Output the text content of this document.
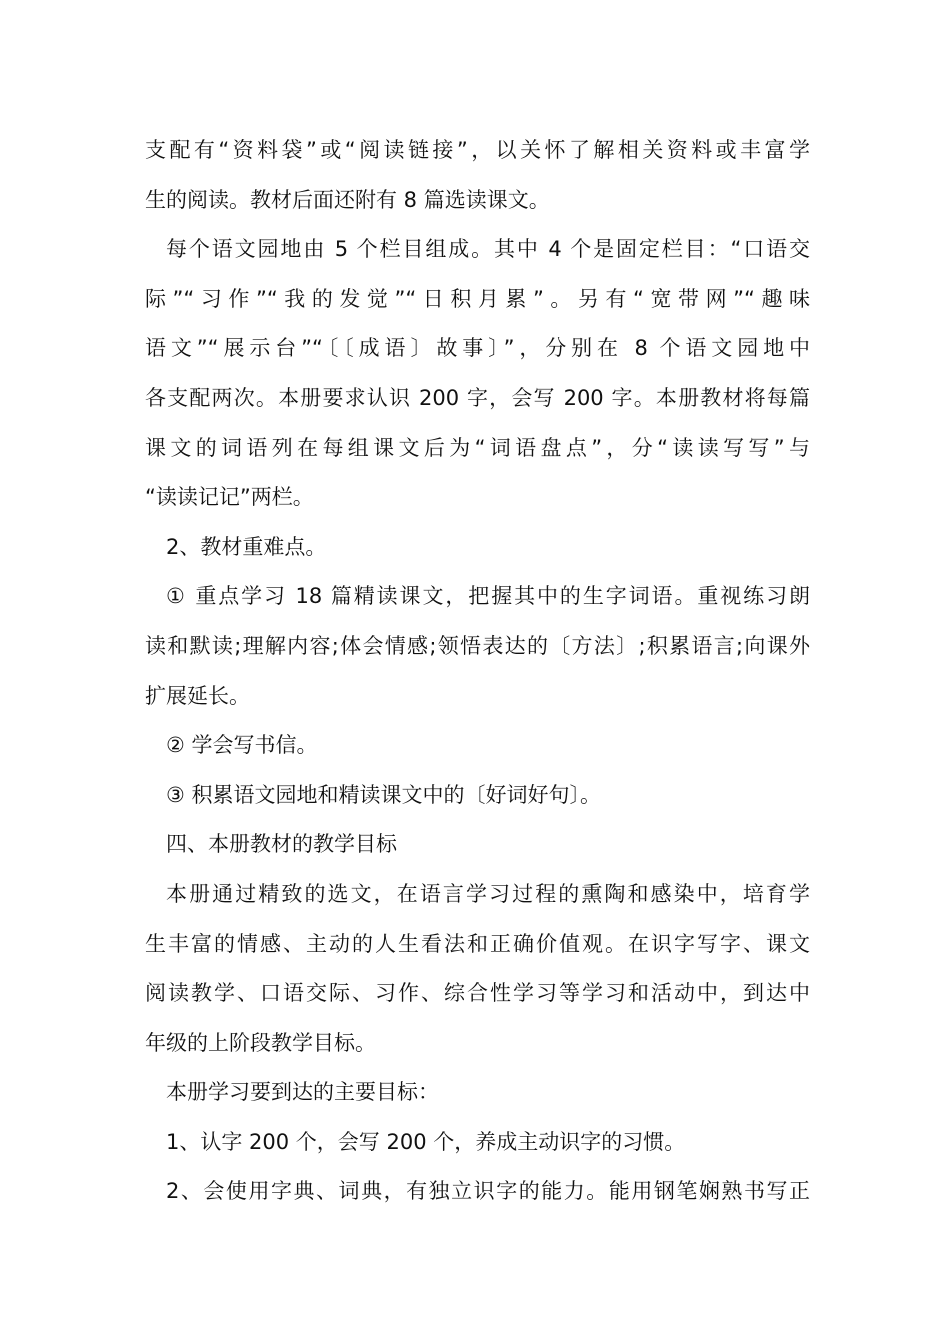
支配有“资料袋”或“阅读链接”，以关怀了解相关资料或丰富学
生的阅读。教材后面还附有 8 篇选读课文。
每个语文园地由 5 个栏目组成。其中 4 个是固定栏目：“口语交
际”“习作”“我的发觉”“日积月累”。另有“宽带网”“趣味
语文”“展示台”“〔〔成语〕故事〕”，分别在 8 个语文园地中
各支配两次。本册要求认识 200 字，会写 200 字。本册教材将每篇
课文的词语列在每组课文后为“词语盘点”，分“读读写写”与
“读读记记”两栏。
2、教材重难点。
① 重点学习 18 篇精读课文，把握其中的生字词语。重视练习朗
读和默读;理解内容;体会情感;领悟表达的〔方法〕;积累语言;向课外
扩展延长。
② 学会写书信。
③ 积累语文园地和精读课文中的〔好词好句〕。
四、本册教材的教学目标
本册通过精致的选文，在语言学习过程的熏陶和感染中，培育学
生丰富的情感、主动的人生看法和正确价值观。在识字写字、课文
阅读教学、口语交际、习作、综合性学习等学习和活动中，到达中
年级的上阶段教学目标。
本册学习要到达的主要目标：
1、认字 200 个，会写 200 个，养成主动识字的习惯。
2、会使用字典、词典，有独立识字的能力。能用钢笔娴熟书写正
